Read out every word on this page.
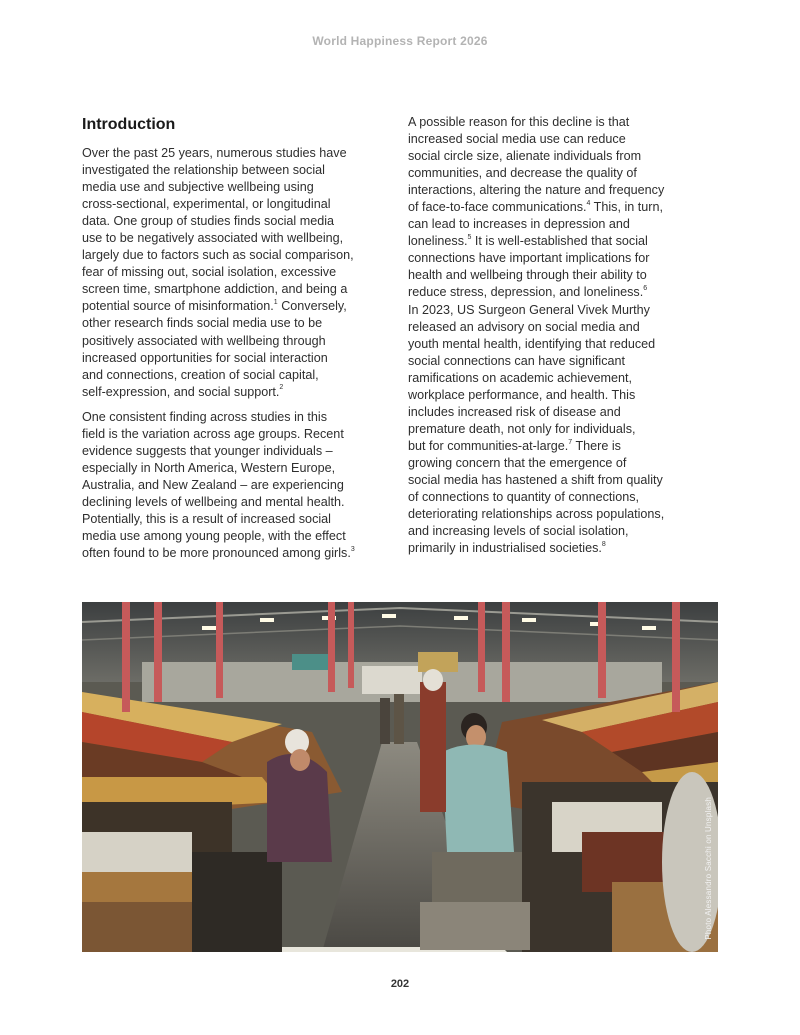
World Happiness Report 2026
Introduction

Over the past 25 years, numerous studies have
investigated the relationship between social
media use and subjective wellbeing using
cross-sectional, experimental, or longitudinal
data. One group of studies finds social media
use to be negatively associated with wellbeing,
largely due to factors such as social comparison,
fear of missing out, social isolation, excessive
screen time, smartphone addiction, and being a
potential source of misinformation.$^1$ Conversely,
other research finds social media use to be
positively associated with wellbeing through
increased opportunities for social interaction
and connections, creation of social capital,
self-expression, and social support.$^2$

One consistent finding across studies in this
field is the variation across age groups. Recent
evidence suggests that younger individuals –
especially in North America, Western Europe,
Australia, and New Zealand – are experiencing
declining levels of wellbeing and mental health.
Potentially, this is a result of increased social
media use among young people, with the effect
often found to be more pronounced among girls.$^3$

A possible reason for this decline is that
increased social media use can reduce
social circle size, alienate individuals from
communities, and decrease the quality of
interactions, altering the nature and frequency
of face-to-face communications.$^4$ This, in turn,
can lead to increases in depression and
loneliness.$^5$ It is well-established that social
connections have important implications for
health and wellbeing through their ability to
reduce stress, depression, and loneliness.$^6$
In 2023, US Surgeon General Vivek Murthy
released an advisory on social media and
youth mental health, identifying that reduced
social connections can have significant
ramifications on academic achievement,
workplace performance, and health. This
includes increased risk of disease and
premature death, not only for individuals,
but for communities-at-large.$^7$ There is
growing concern that the emergence of
social media has hastened a shift from quality
of connections to quantity of connections,
deteriorating relationships across populations,
and increasing levels of social isolation,
primarily in industrialised societies.$^8$

Photo Alessandro Sacchi on Unsplash
202
